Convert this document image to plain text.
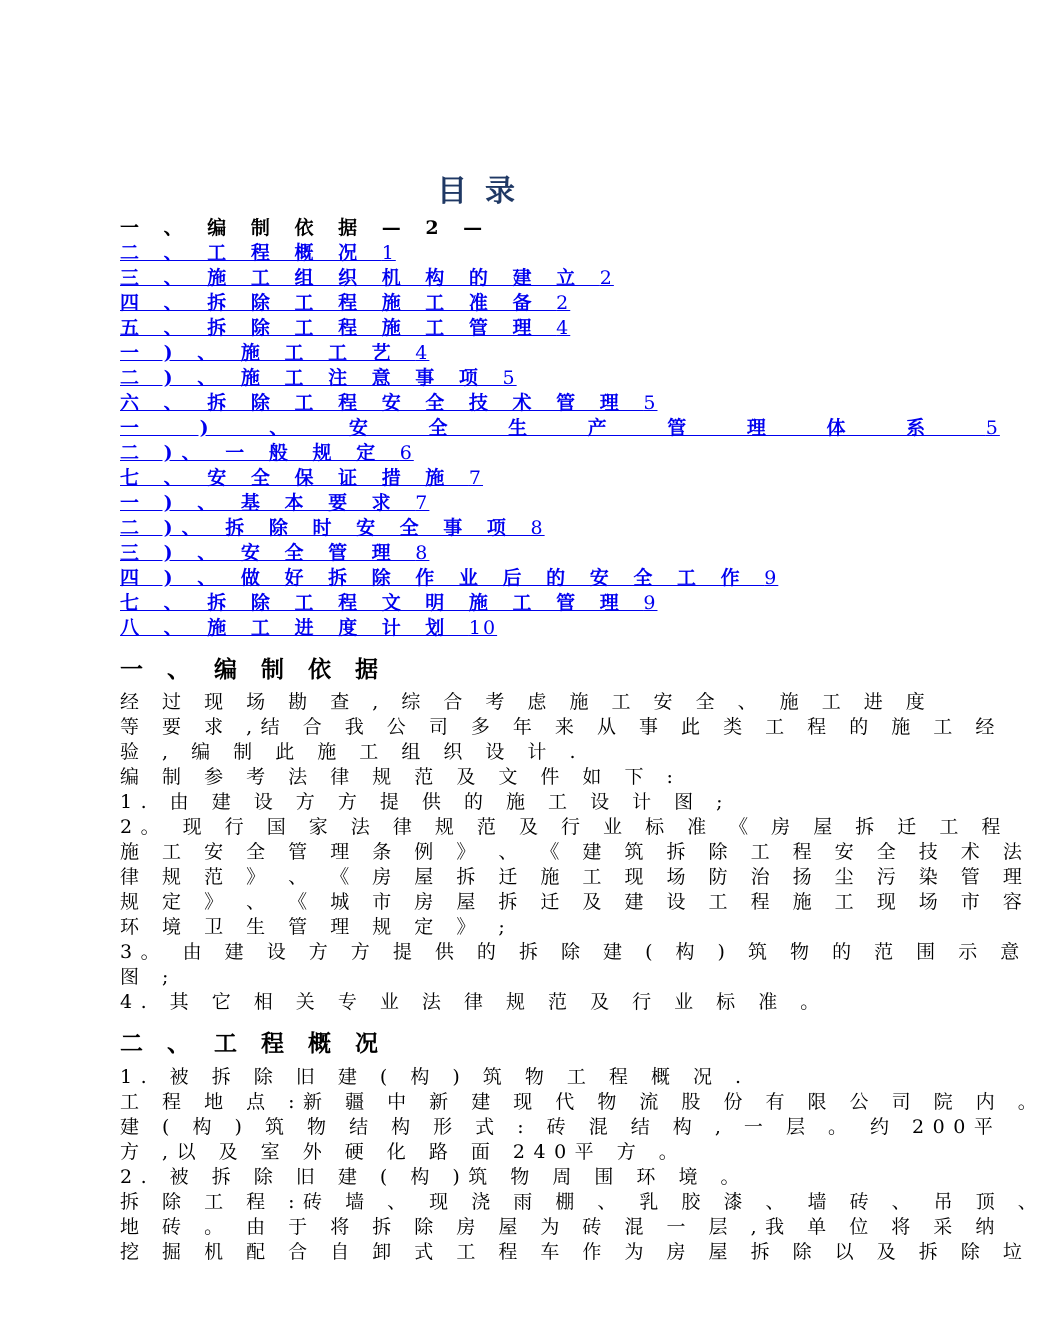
目录
一 、 编 制 依 据 — 2 —
二 、 工 程 概 况 1
三 、 施 工 组 织 机 构 的 建 立 2
四 、 拆 除 工 程 施 工 准 备 2
五 、 拆 除 工 程 施 工 管 理 4
一 ) 、 施 工 工 艺 4
二 ) 、 施 工 注 意 事 项 5
六 、 拆 除 工 程 安 全 技 术 管 理 5
一 ) 、 安 全 生 产 管 理 体 系 5
二 )、 一 般 规 定 6
七 、 安 全 保 证 措 施 7
一 ) 、 基 本 要 求 7
二 )、 拆 除 时 安 全 事 项 8
三 ) 、 安 全 管 理 8
四 ) 、 做 好 拆 除 作 业 后 的 安 全 工 作 9
七 、 拆 除 工 程 文 明 施 工 管 理 9
八 、 施 工 进 度 计 划 10
一 、 编 制 依 据

经 过 现 场 勘 查 , 综 合 考 虑 施 工 安 全 、 施 工 进 度

等 要 求 ,结 合 我 公 司 多 年 来 从 事 此 类 工 程 的 施 工 经

验 , 编 制 此 施 工 组 织 设 计 .

编 制 参 考 法 律 规 范 及 文 件 如 下 :

1. 由 建 设 方 方 提 供 的 施 工 设 计 图 ;

2。 现 行 国 家 法 律 规 范 及 行 业 标 准 《 房 屋 拆 迁 工 程

施 工 安 全 管 理 条 例 》 、 《 建 筑 拆 除 工 程 安 全 技 术 法

律 规 范 》 、 《 房 屋 拆 迁 施 工 现 场 防 治 扬 尘 污 染 管 理

规 定 》 、 《 城 市 房 屋 拆 迁 及 建 设 工 程 施 工 现 场 市 容

环 境 卫 生 管 理 规 定 》 ;

3。 由 建 设 方 方 提 供 的 拆 除 建 ( 构 ) 筑 物 的 范 围 示 意

图 ;

4. 其 它 相 关 专 业 法 律 规 范 及 行 业 标 准 。

二 、 工 程 概 况

1. 被 拆 除 旧 建 ( 构 ) 筑 物 工 程 概 况 .

工 程 地 点 :新 疆 中 新 建 现 代 物 流 股 份 有 限 公 司 院 内 。

建 ( 构 ) 筑 物 结 构 形 式 : 砖 混 结 构 , 一 层 。 约 200平

方 ,以 及 室 外 硬 化 路 面 240平 方 。

2. 被 拆 除 旧 建 ( 构 )筑 物 周 围 环 境 。

拆 除 工 程 :砖 墙 、 现 浇 雨 棚 、 乳 胶 漆 、 墙 砖 、 吊 顶 、

地 砖 。 由 于 将 拆 除 房 屋 为 砖 混 一 层 ,我 单 位 将 采 纳

挖 掘 机 配 合 自 卸 式 工 程 车 作 为 房 屋 拆 除 以 及 拆 除 垃
